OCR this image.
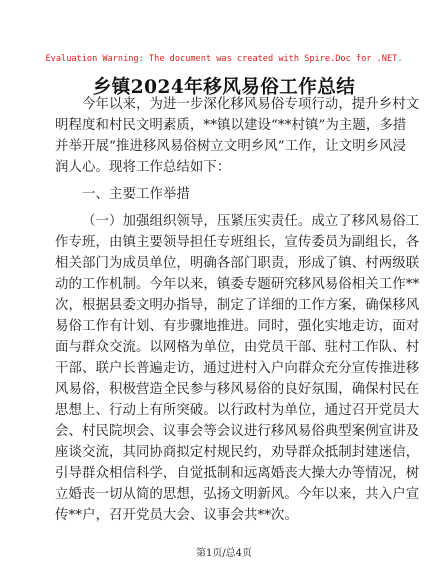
Evaluation Warning: The document was created with Spire.Doc for .NET.
乡镇2024年移风易俗工作总结
今年以来，为进一步深化移风易俗专项行动，提升乡村文
明程度和村民文明素质，**镇以建设“**村镇”为主题，多措
并举开展“推进移风易俗树立文明乡风”工作，让文明乡风浸
润人心。现将工作总结如下：
一、主要工作举措
（一）加强组织领导，压紧压实责任。成立了移风易俗工
作专班，由镇主要领导担任专班组长，宣传委员为副组长，各
相关部门为成员单位，明确各部门职责，形成了镇、村两级联
动的工作机制。今年以来，镇委专题研究移风易俗相关工作**
次，根据县委文明办指导，制定了详细的工作方案，确保移风
易俗工作有计划、有步骤地推进。同时，强化实地走访，面对
面与群众交流。以网格为单位，由党员干部、驻村工作队、村
干部、联户长普遍走访，通过进村入户向群众充分宣传推进移
风易俗，积极营造全民参与移风易俗的良好氛围，确保村民在
思想上、行动上有所突破。以行政村为单位，通过召开党员大
会、村民院坝会、议事会等会议进行移风易俗典型案例宣讲及
座谈交流，其同协商拟定村规民约，劝导群众抵制封建迷信，
引导群众相信科学，自觉抵制和远离婚丧大操大办等情况，树
立婚丧一切从简的思想，弘扬文明新风。今年以来，共入户宣
传**户，召开党员大会、议事会共**次。
第1页/总4页
